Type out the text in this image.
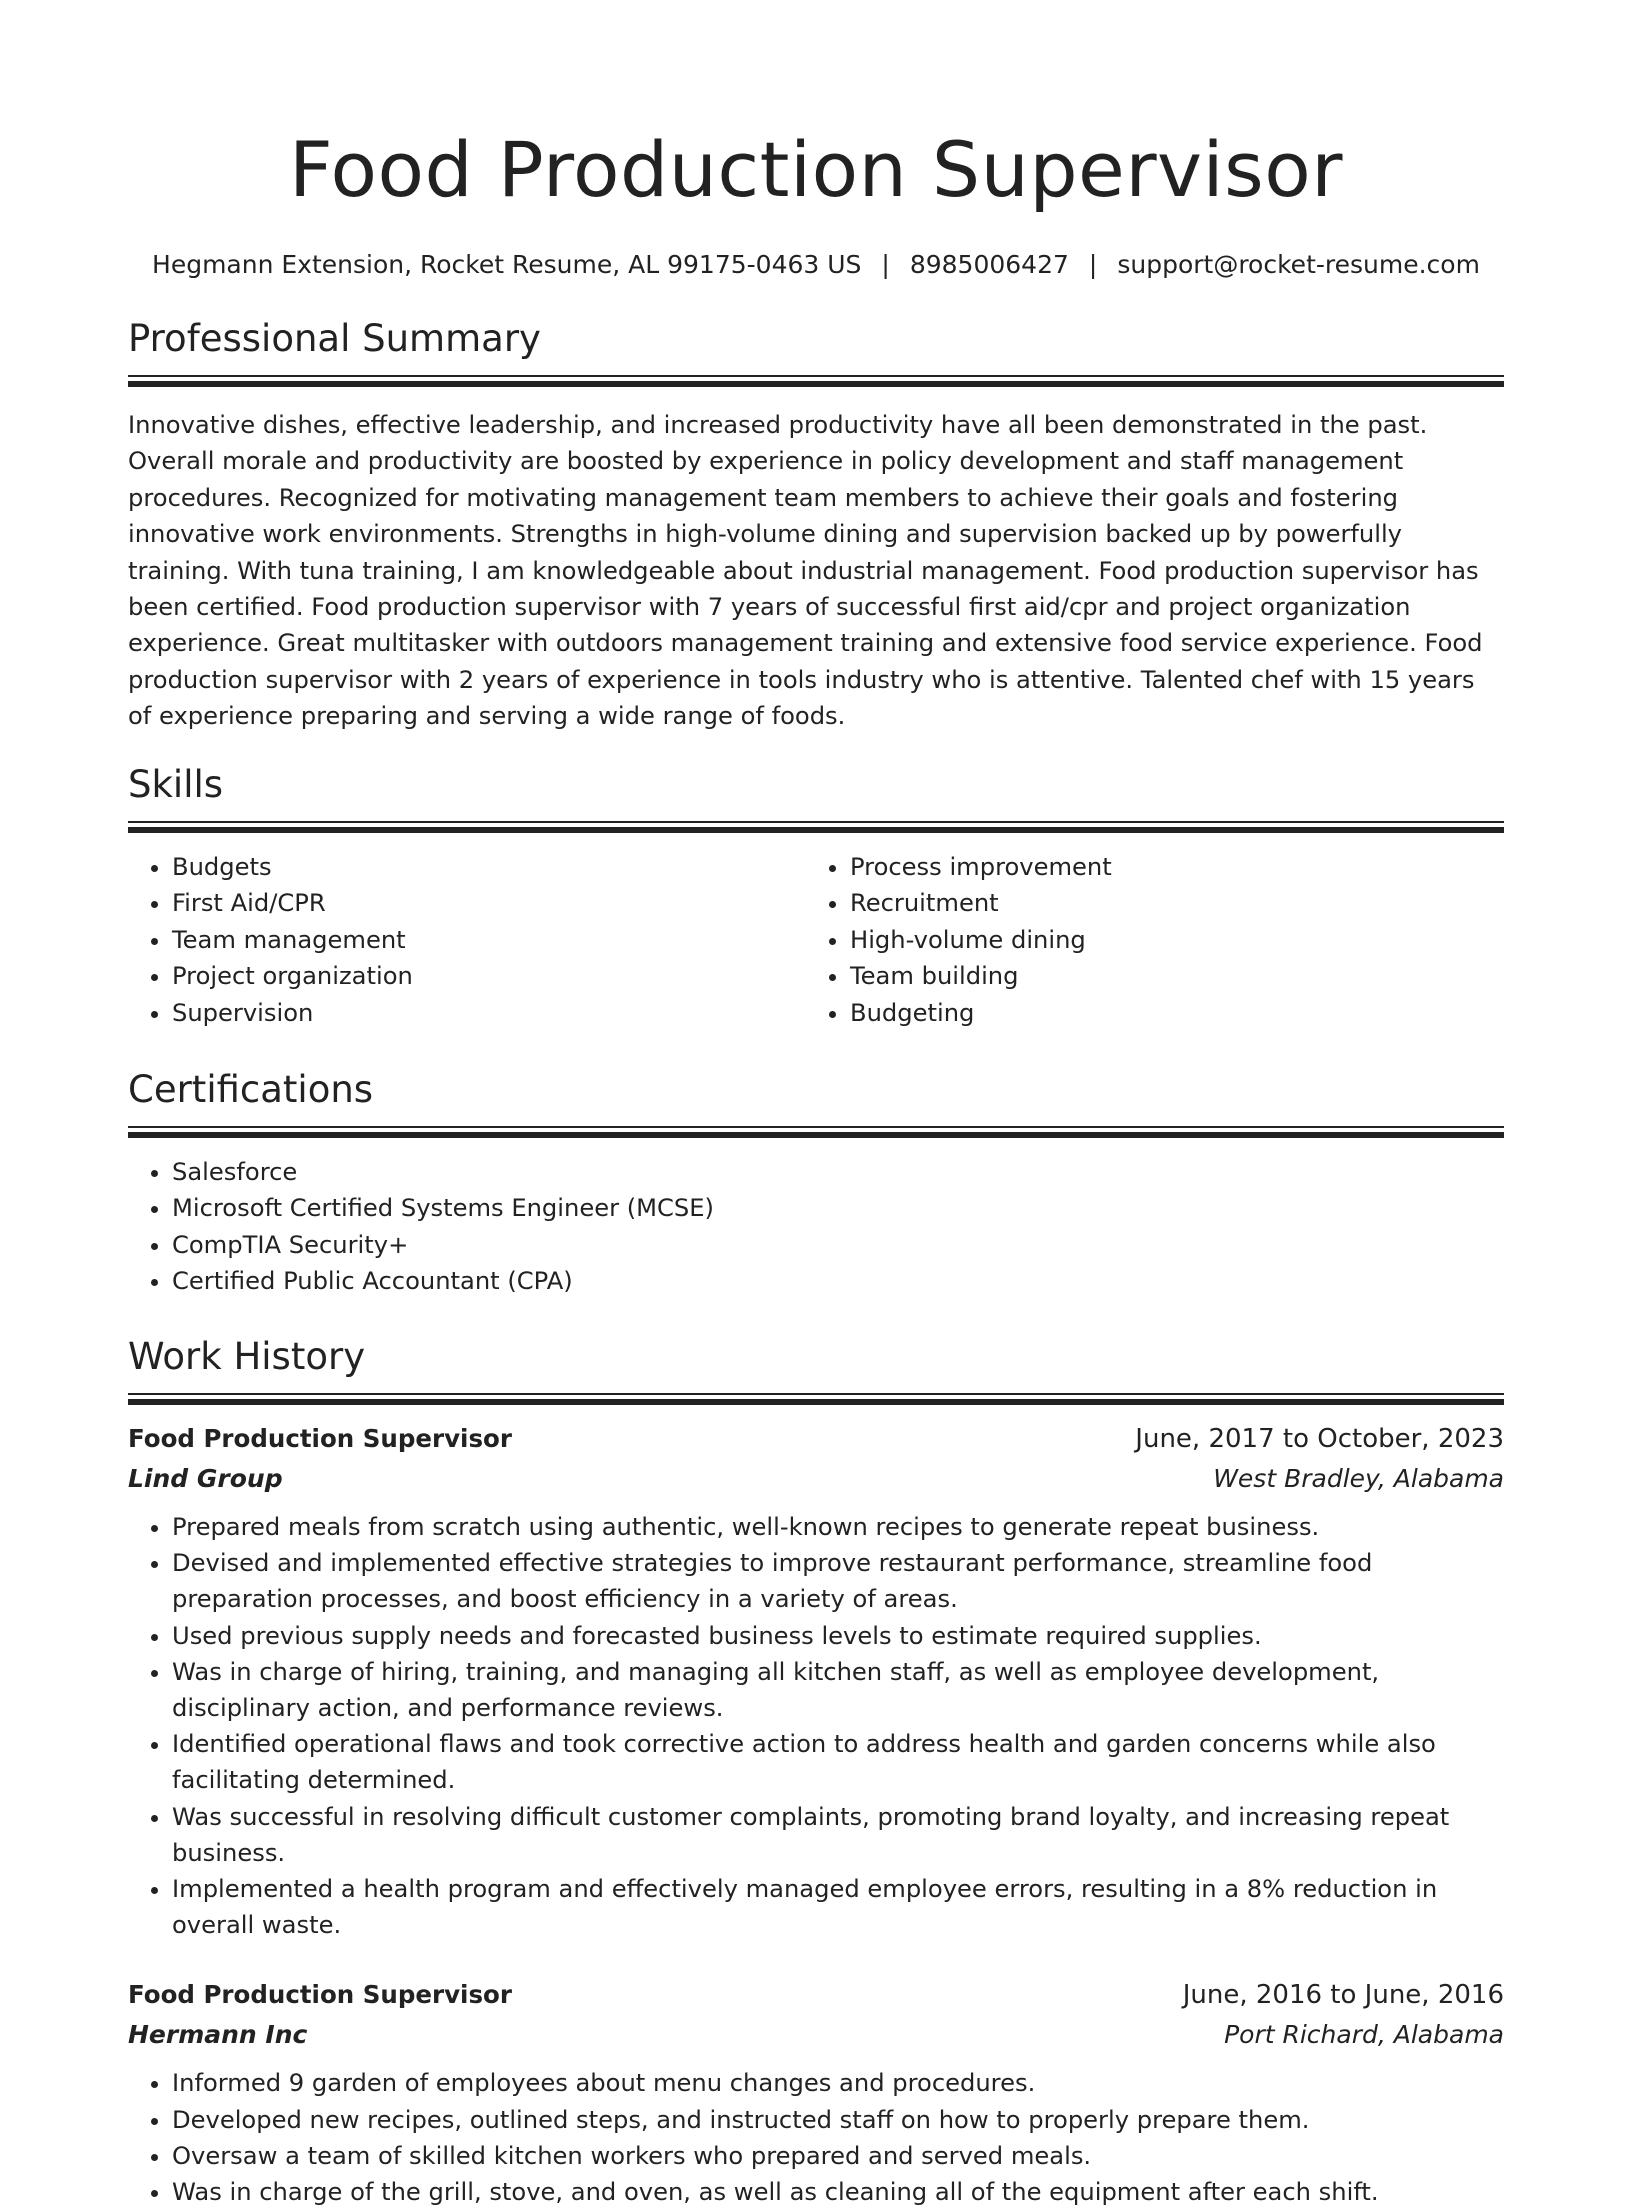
Food Production Supervisor
Hegmann Extension, Rocket Resume, AL 99175-0463 US | 8985006427 | support@rocket-resume.com
Professional Summary

Innovative dishes, effective leadership, and increased productivity have all been demonstrated in the past. Overall morale and productivity are boosted by experience in policy development and staff management procedures. Recognized for motivating management team members to achieve their goals and fostering innovative work environments. Strengths in high-volume dining and supervision backed up by powerfully training. With tuna training, I am knowledgeable about industrial management. Food production supervisor has been certified. Food production supervisor with 7 years of successful first aid/cpr and project organization experience. Great multitasker with outdoors management training and extensive food service experience. Food production supervisor with 2 years of experience in tools industry who is attentive. Talented chef with 15 years of experience preparing and serving a wide range of foods.

Skills
• Budgets
• First Aid/CPR
• Team management
• Project organization
• Supervision
• Process improvement
• Recruitment
• High-volume dining
• Team building
• Budgeting
Certifications
• Salesforce
• Microsoft Certified Systems Engineer (MCSE)
• CompTIA Security+
• Certified Public Accountant (CPA)
Work History
Food Production Supervisor	June, 2017 to October, 2023
Lind Group	West Bradley, Alabama
• Prepared meals from scratch using authentic, well-known recipes to generate repeat business.
• Devised and implemented effective strategies to improve restaurant performance, streamline food preparation processes, and boost efficiency in a variety of areas.
• Used previous supply needs and forecasted business levels to estimate required supplies.
• Was in charge of hiring, training, and managing all kitchen staff, as well as employee development, disciplinary action, and performance reviews.
• Identified operational flaws and took corrective action to address health and garden concerns while also facilitating determined.
• Was successful in resolving difficult customer complaints, promoting brand loyalty, and increasing repeat business.
• Implemented a health program and effectively managed employee errors, resulting in a 8% reduction in overall waste.
Food Production Supervisor	June, 2016 to June, 2016
Hermann Inc	Port Richard, Alabama
• Informed 9 garden of employees about menu changes and procedures.
• Developed new recipes, outlined steps, and instructed staff on how to properly prepare them.
• Oversaw a team of skilled kitchen workers who prepared and served meals.
• Was in charge of the grill, stove, and oven, as well as cleaning all of the equipment after each shift.
